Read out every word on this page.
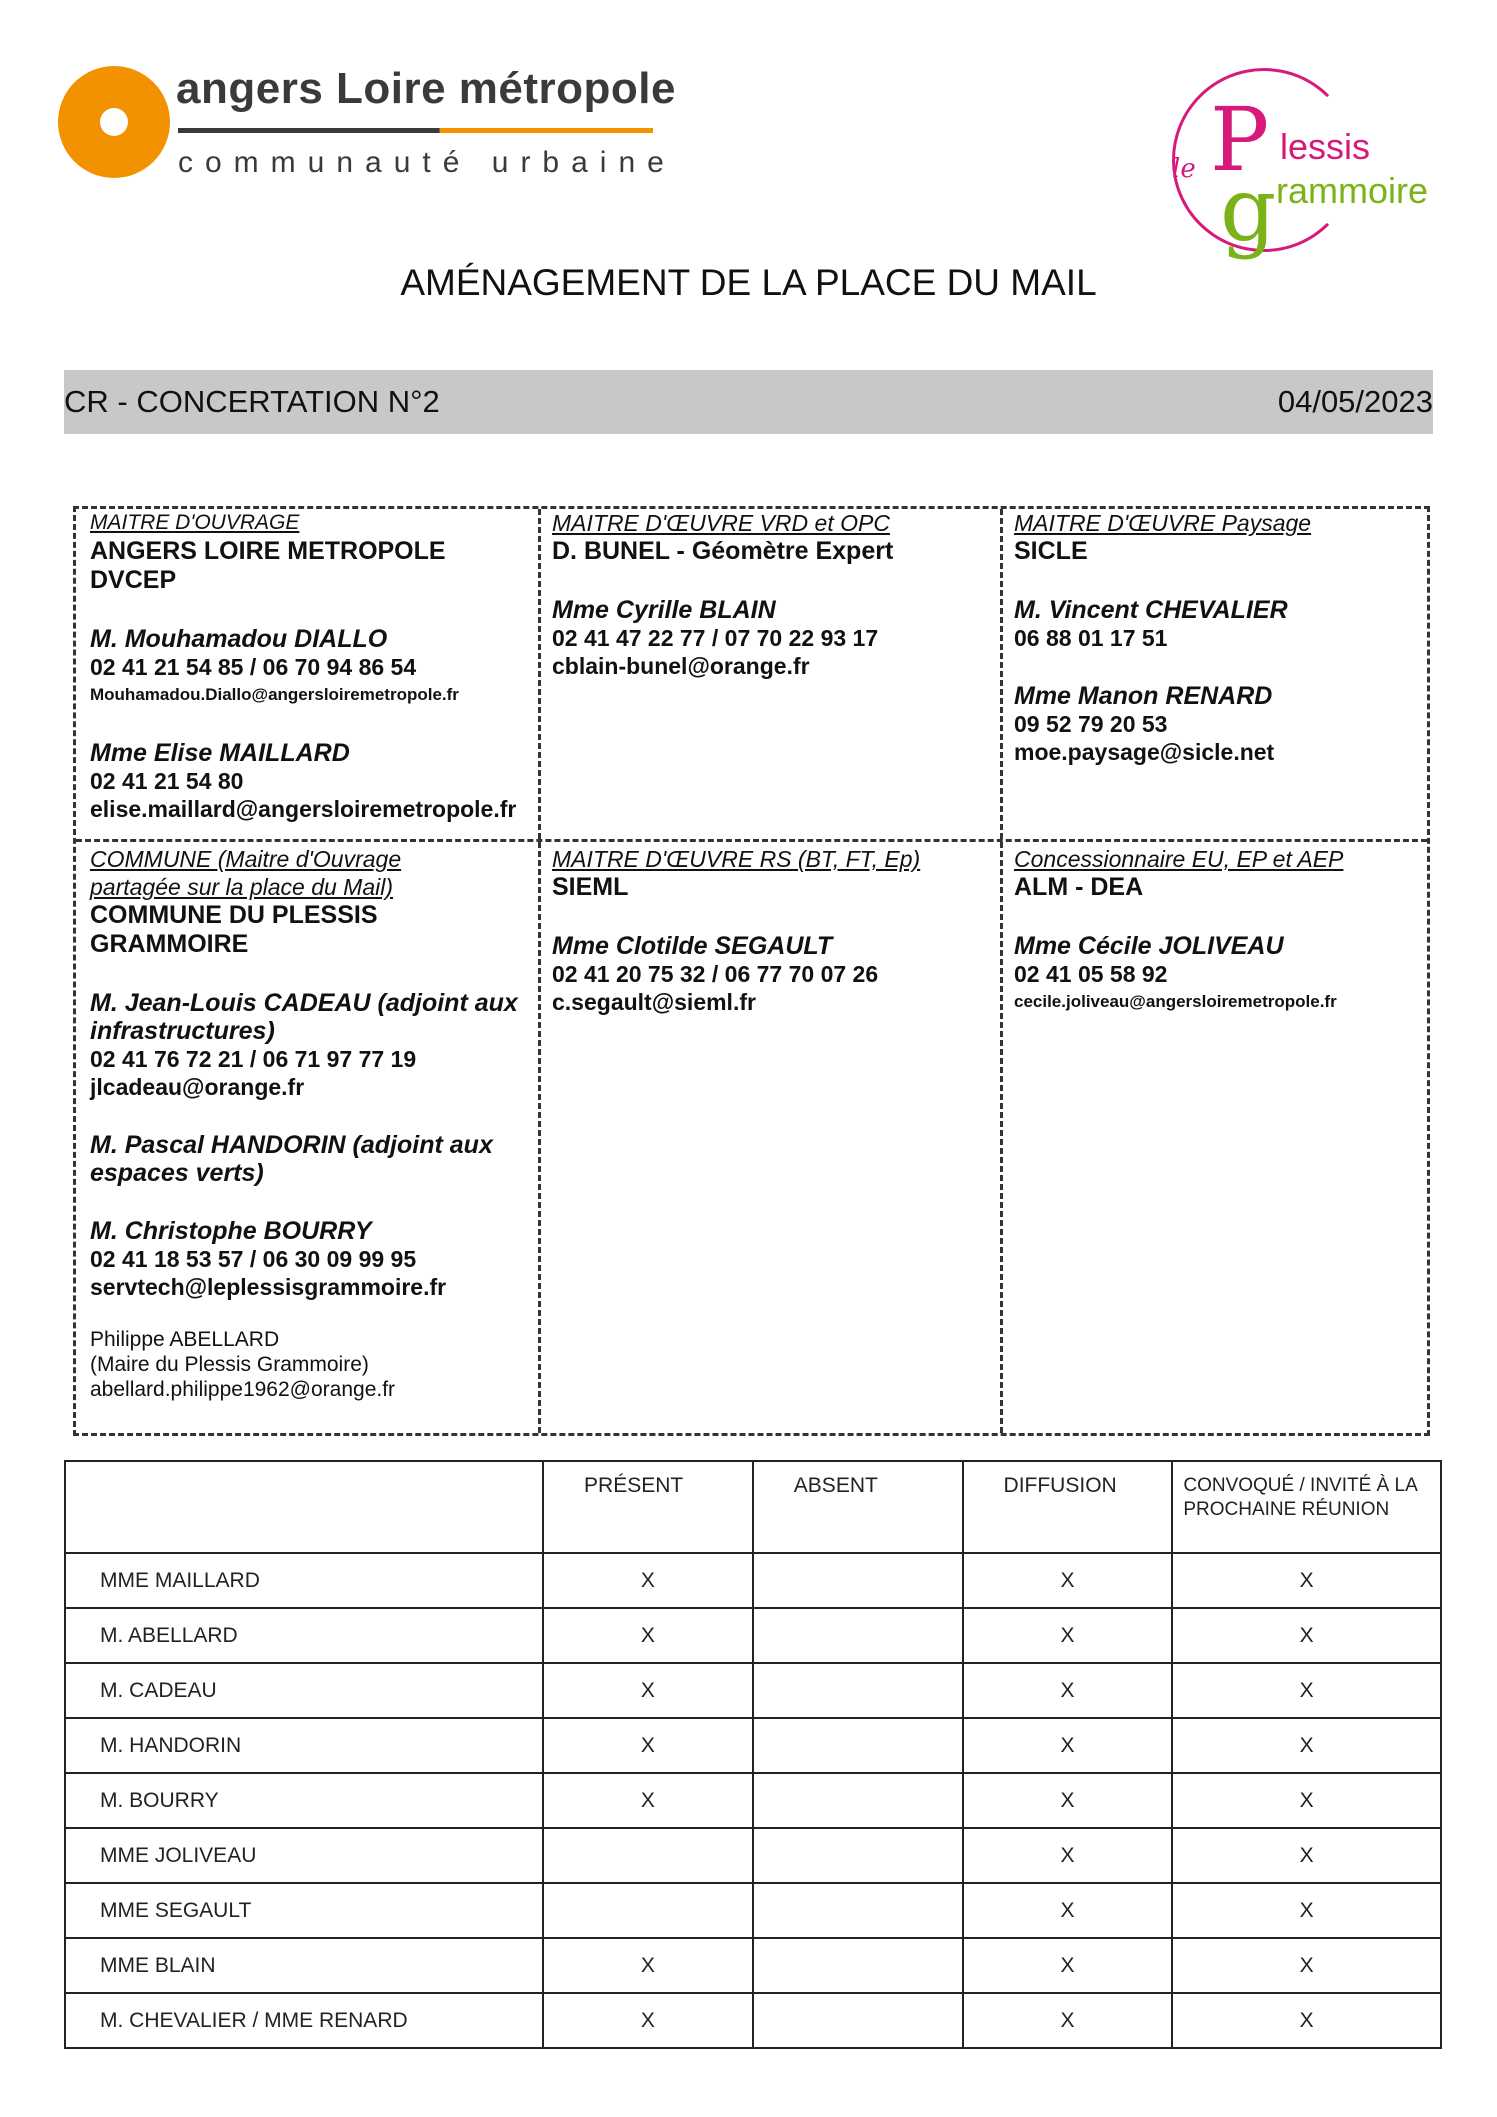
angers Loire métropole
communauté urbaine	le P lessis
g rammoire
AMÉNAGEMENT DE LA PLACE DU MAIL
CR - CONCERTATION N°2	04/05/2023
MAITRE D'OUVRAGE
ANGERS LOIRE METROPOLE
DVCEP
M. Mouhamadou DIALLO
02 41 21 54 85 / 06 70 94 86 54
Mouhamadou.Diallo@angersloiremetropole.fr
Mme Elise MAILLARD
02 41 21 54 80
elise.maillard@angersloiremetropole.fr
MAITRE D'ŒUVRE VRD et OPC
D. BUNEL - Géomètre Expert
Mme Cyrille BLAIN
02 41 47 22 77 / 07 70 22 93 17
cblain-bunel@orange.fr
MAITRE D'ŒUVRE Paysage
SICLE
M. Vincent CHEVALIER
06 88 01 17 51
Mme Manon RENARD
09 52 79 20 53
moe.paysage@sicle.net
COMMUNE (Maitre d'Ouvrage
partagée sur la place du Mail)
COMMUNE DU PLESSIS
GRAMMOIRE
M. Jean-Louis CADEAU (adjoint aux
infrastructures)
02 41 76 72 21 / 06 71 97 77 19
jlcadeau@orange.fr
M. Pascal HANDORIN (adjoint aux
espaces verts)
M. Christophe BOURRY
02 41 18 53 57 / 06 30 09 99 95
servtech@leplessisgrammoire.fr
Philippe ABELLARD
(Maire du Plessis Grammoire)
abellard.philippe1962@orange.fr
MAITRE D'ŒUVRE RS (BT, FT, Ep)
SIEML
Mme Clotilde SEGAULT
02 41 20 75 32 / 06 77 70 07 26
c.segault@sieml.fr
Concessionnaire EU, EP et AEP
ALM - DEA
Mme Cécile JOLIVEAU
02 41 05 58 92
cecile.joliveau@angersloiremetropole.fr
	PRÉSENT	ABSENT	DIFFUSION	CONVOQUÉ / INVITÉ À LA PROCHAINE RÉUNION
MME MAILLARD	X		X	X
M. ABELLARD	X		X	X
M. CADEAU	X		X	X
M. HANDORIN	X		X	X
M. BOURRY	X		X	X
MME JOLIVEAU			X	X
MME SEGAULT			X	X
MME BLAIN	X		X	X
M. CHEVALIER / MME RENARD	X		X	X
